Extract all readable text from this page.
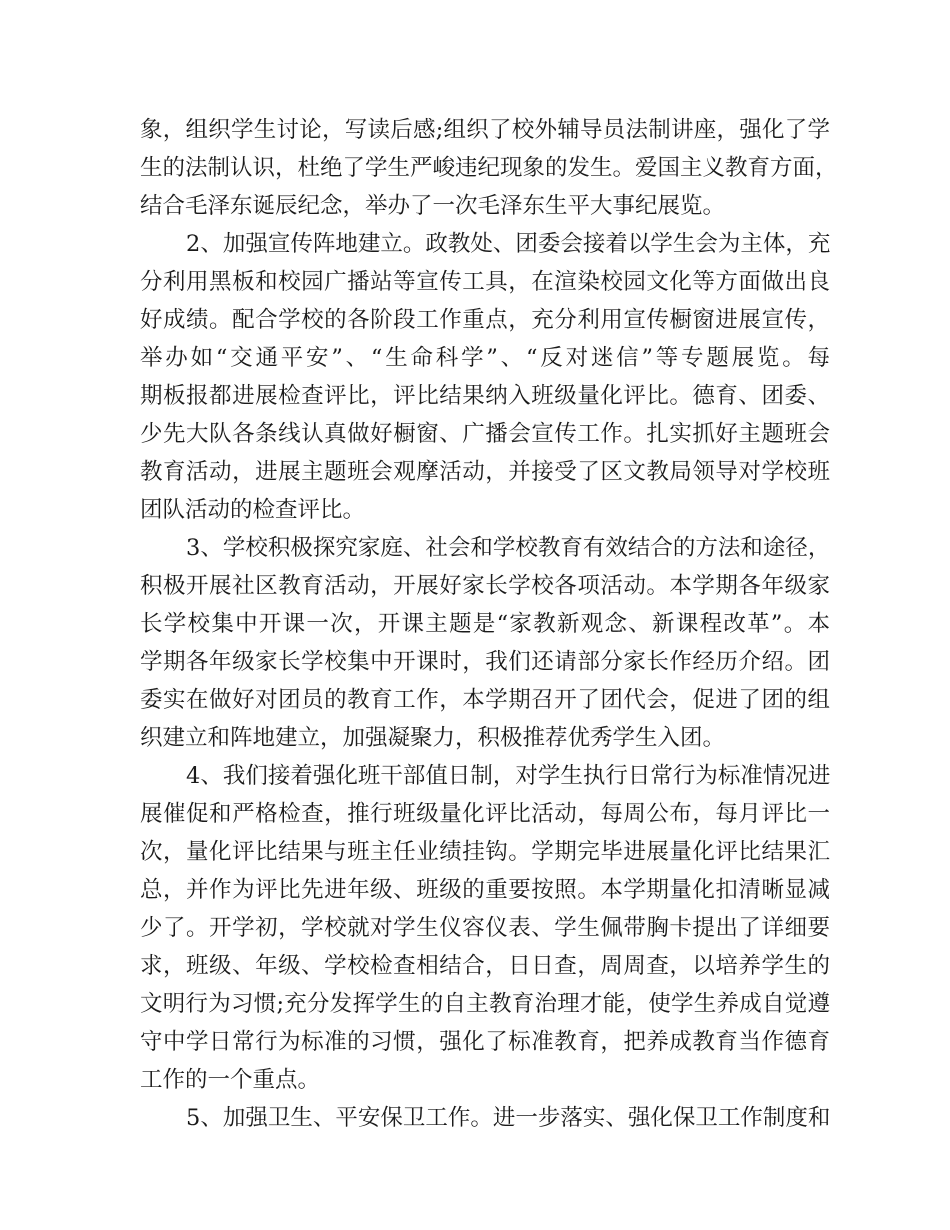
象，组织学生讨论，写读后感;组织了校外辅导员法制讲座，强化了学
生的法制认识，杜绝了学生严峻违纪现象的发生。爱国主义教育方面，
结合毛泽东诞辰纪念，举办了一次毛泽东生平大事纪展览。
2、加强宣传阵地建立。政教处、团委会接着以学生会为主体，充
分利用黑板和校园广播站等宣传工具，在渲染校园文化等方面做出良
好成绩。配合学校的各阶段工作重点，充分利用宣传橱窗进展宣传，
举办如“交通平安”、“生命科学”、“反对迷信”等专题展览。每
期板报都进展检查评比，评比结果纳入班级量化评比。德育、团委、
少先大队各条线认真做好橱窗、广播会宣传工作。扎实抓好主题班会
教育活动，进展主题班会观摩活动，并接受了区文教局领导对学校班
团队活动的检查评比。
3、学校积极探究家庭、社会和学校教育有效结合的方法和途径，
积极开展社区教育活动，开展好家长学校各项活动。本学期各年级家
长学校集中开课一次，开课主题是“家教新观念、新课程改革”。本
学期各年级家长学校集中开课时，我们还请部分家长作经历介绍。团
委实在做好对团员的教育工作，本学期召开了团代会，促进了团的组
织建立和阵地建立，加强凝聚力，积极推荐优秀学生入团。
4、我们接着强化班干部值日制，对学生执行日常行为标准情况进
展催促和严格检查，推行班级量化评比活动，每周公布，每月评比一
次，量化评比结果与班主任业绩挂钩。学期完毕进展量化评比结果汇
总，并作为评比先进年级、班级的重要按照。本学期量化扣清晰显减
少了。开学初，学校就对学生仪容仪表、学生佩带胸卡提出了详细要
求，班级、年级、学校检查相结合，日日查，周周查，以培养学生的
文明行为习惯;充分发挥学生的自主教育治理才能，使学生养成自觉遵
守中学日常行为标准的习惯，强化了标准教育，把养成教育当作德育
工作的一个重点。
5、加强卫生、平安保卫工作。进一步落实、强化保卫工作制度和
